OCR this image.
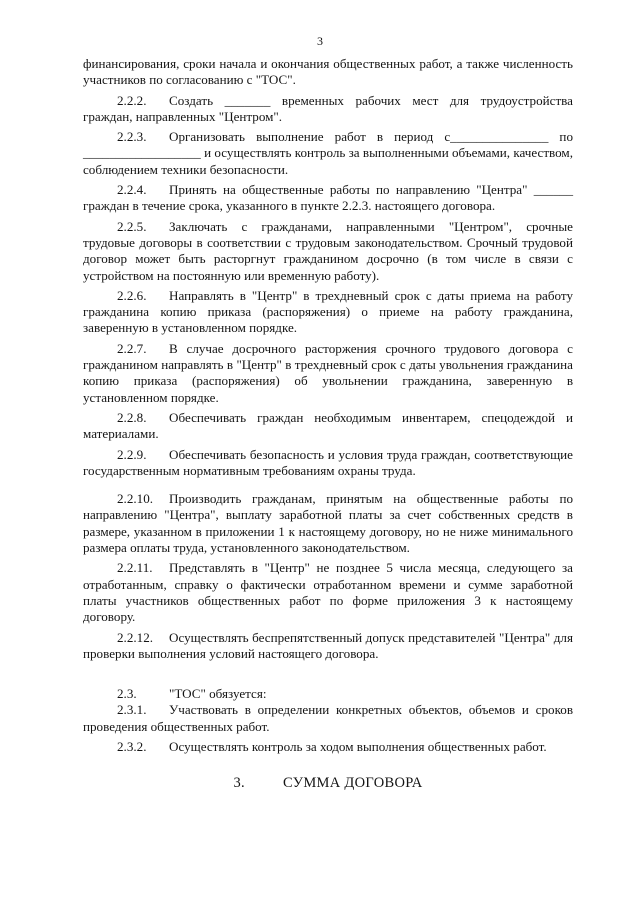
3

финансирования, сроки начала и окончания общественных работ, а также численность участников по согласованию с "ТОС".

2.2.2. Создать _______ временных рабочих мест для трудоустройства граждан, направленных "Центром".

2.2.3. Организовать выполнение работ в период с_______________ по __________________ и осуществлять контроль за выполненными объемами, качеством, соблюдением техники безопасности.

2.2.4. Принять на общественные работы по направлению "Центра" ______ граждан в течение срока, указанного в пункте 2.2.3. настоящего договора.

2.2.5. Заключать с гражданами, направленными "Центром", срочные трудовые договоры в соответствии с трудовым законодательством. Срочный трудовой договор может быть расторгнут гражданином досрочно (в том числе в связи с устройством на постоянную или временную работу).

2.2.6. Направлять в "Центр" в трехдневный срок с даты приема на работу гражданина копию приказа (распоряжения) о приеме на работу гражданина, заверенную в установленном порядке.

2.2.7. В случае досрочного расторжения срочного трудового договора с гражданином направлять в "Центр" в трехдневный срок с даты увольнения гражданина копию приказа (распоряжения) об увольнении гражданина, заверенную в установленном порядке.

2.2.8. Обеспечивать граждан необходимым инвентарем, спецодеждой и материалами.

2.2.9. Обеспечивать безопасность и условия труда граждан, соответствующие государственным нормативным требованиям охраны труда.

2.2.10. Производить гражданам, принятым на общественные работы по направлению "Центра", выплату заработной платы за счет собственных средств в размере, указанном в приложении 1 к настоящему договору, но не ниже минимального размера оплаты труда, установленного законодательством.

2.2.11. Представлять в "Центр" не позднее 5 числа месяца, следующего за отработанным, справку о фактически отработанном времени и сумме заработной платы участников общественных работ по форме приложения 3 к настоящему договору.

2.2.12. Осуществлять беспрепятственный допуск представителей "Центра" для проверки выполнения условий настоящего договора.

2.3. "ТОС" обязуется:

2.3.1. Участвовать в определении конкретных объектов, объемов и сроков проведения общественных работ.

2.3.2. Осуществлять контроль за ходом выполнения общественных работ.

3.	СУММА ДОГОВОРА
